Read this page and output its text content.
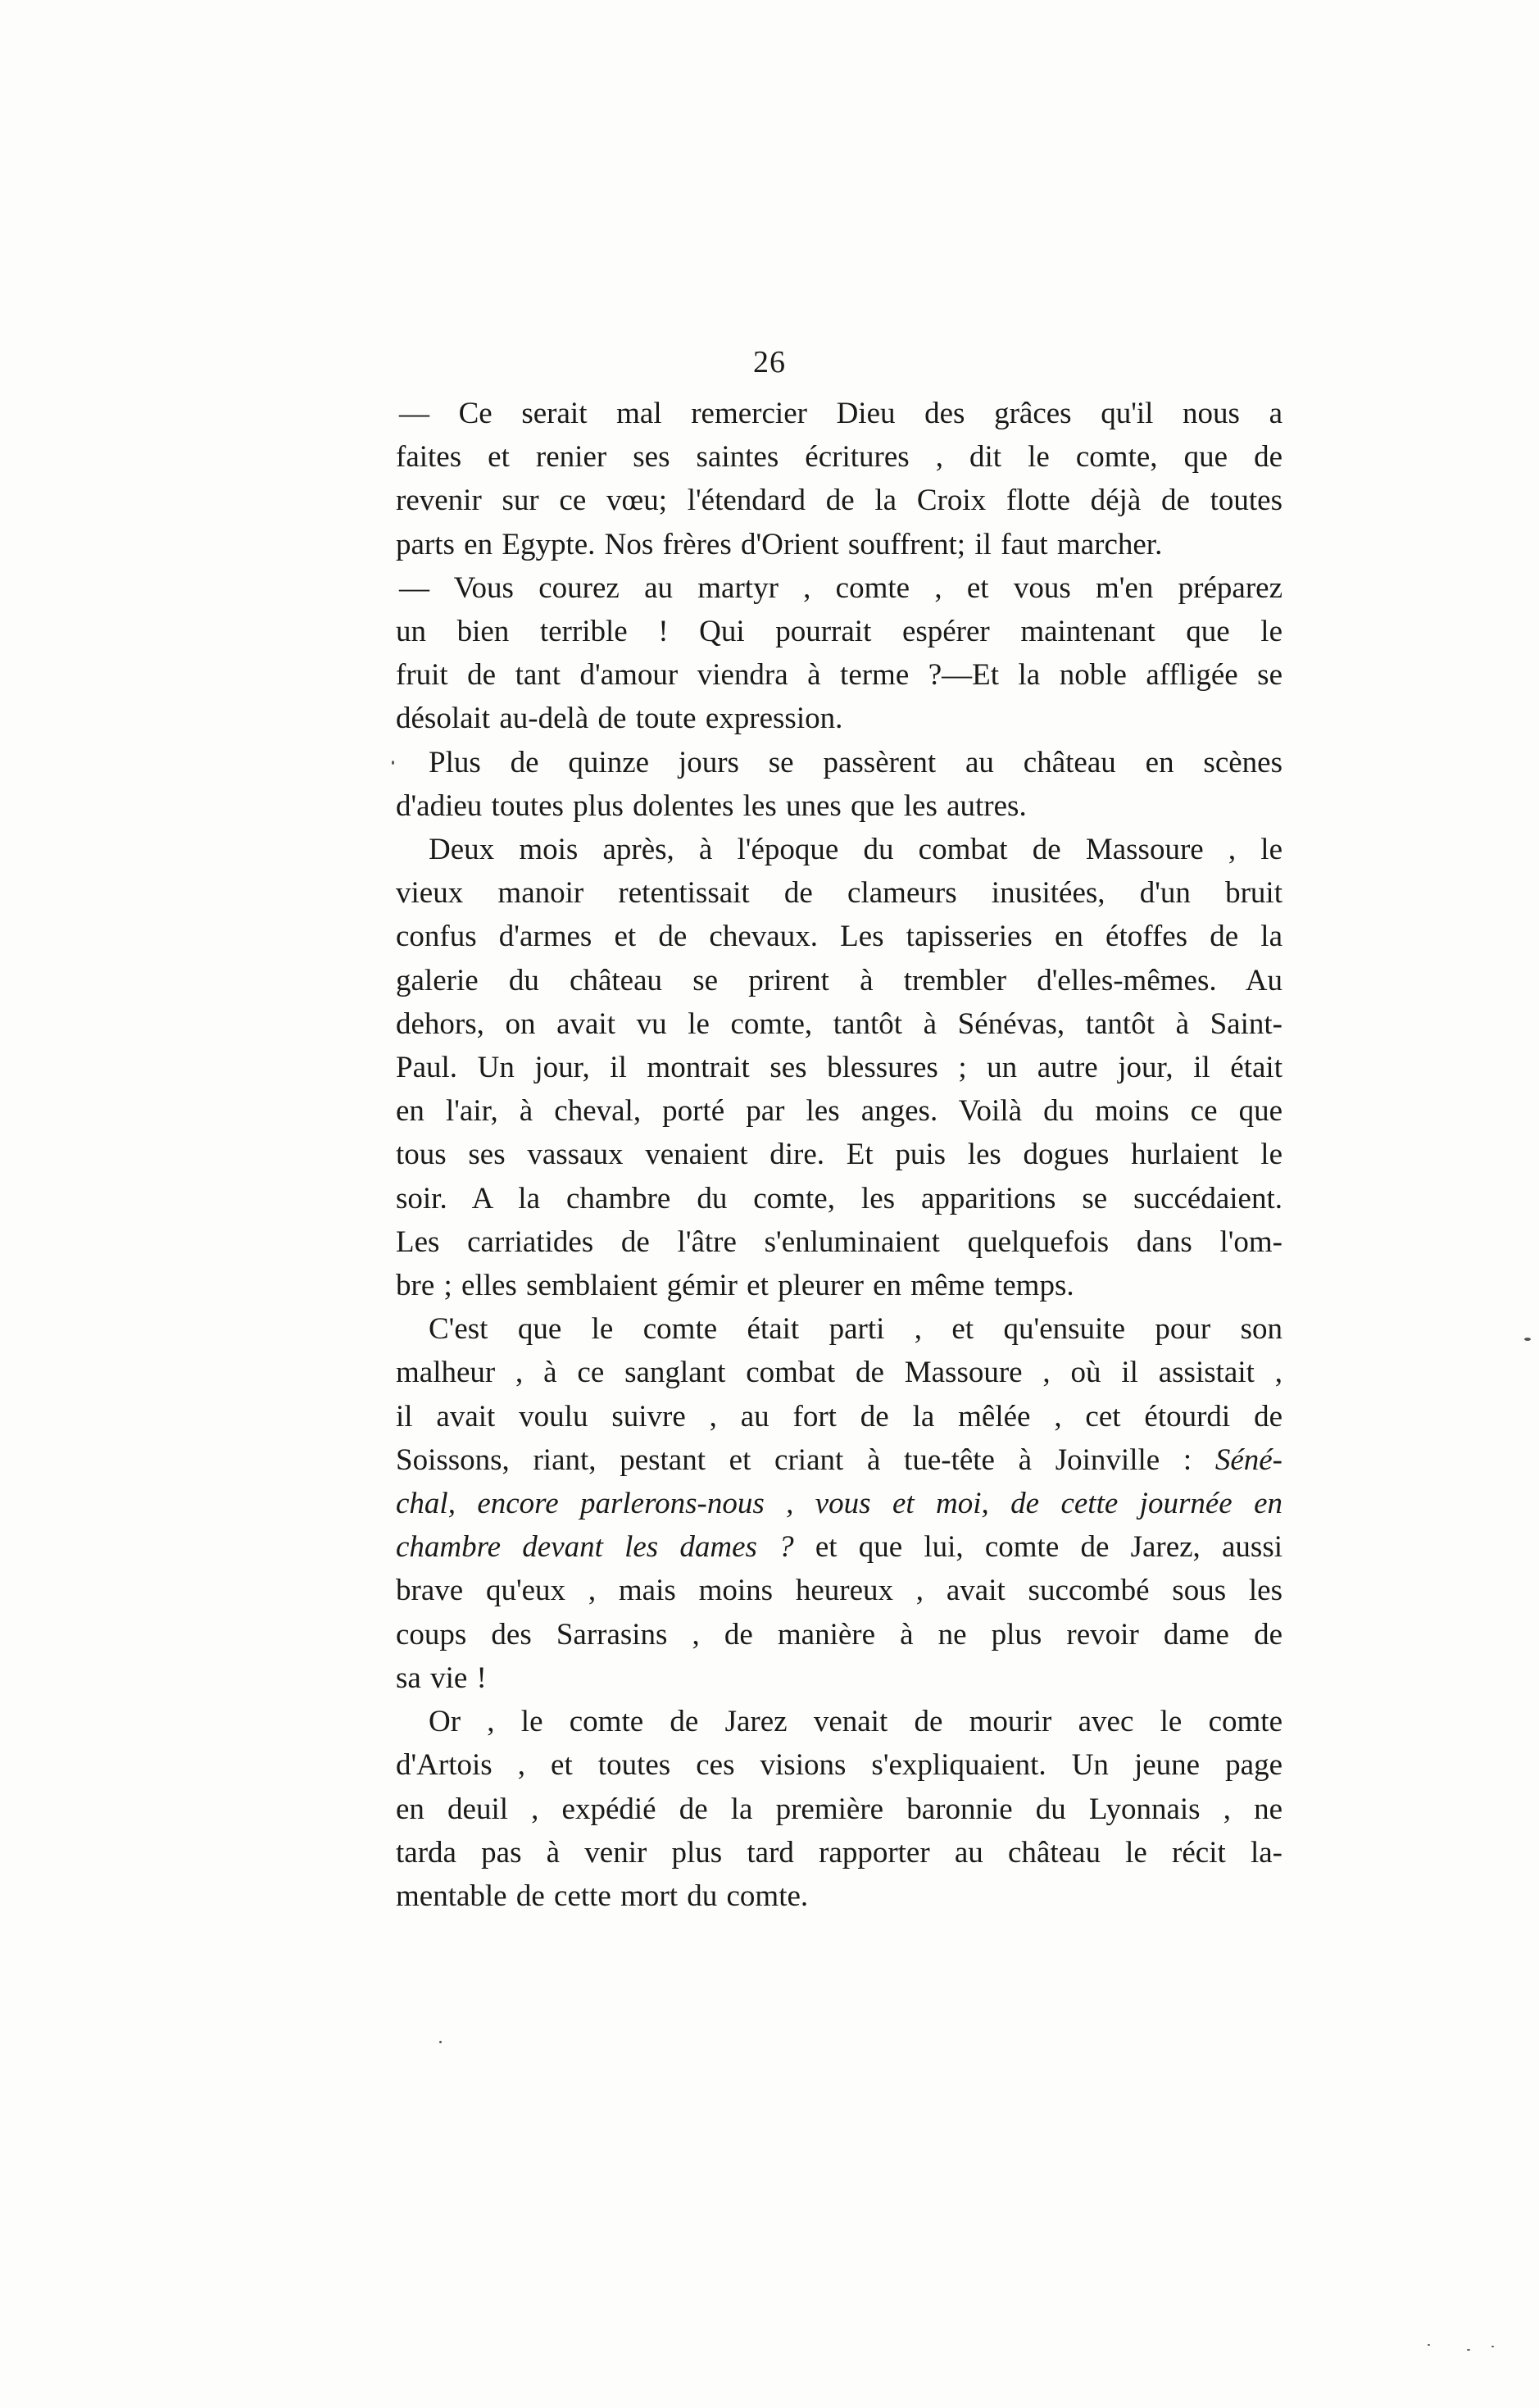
26
— Ce serait mal remercier Dieu des grâces qu'il nous a
faites et renier ses saintes écritures , dit le comte, que de
revenir sur ce vœu; l'étendard de la Croix flotte déjà de toutes
parts en Egypte. Nos frères d'Orient souffrent; il faut marcher.
— Vous courez au martyr , comte , et vous m'en préparez
un bien terrible ! Qui pourrait espérer maintenant que le
fruit de tant d'amour viendra à terme ?—Et la noble affligée se
désolait au-delà de toute expression.
Plus de quinze jours se passèrent au château en scènes
d'adieu toutes plus dolentes les unes que les autres.
Deux mois après, à l'époque du combat de Massoure , le
vieux manoir retentissait de clameurs inusitées, d'un bruit
confus d'armes et de chevaux. Les tapisseries en étoffes de la
galerie du château se prirent à trembler d'elles-mêmes. Au
dehors, on avait vu le comte, tantôt à Sénévas, tantôt à Saint-
Paul. Un jour, il montrait ses blessures ; un autre jour, il était
en l'air, à cheval, porté par les anges. Voilà du moins ce que
tous ses vassaux venaient dire. Et puis les dogues hurlaient le
soir. A la chambre du comte, les apparitions se succédaient.
Les carriatides de l'âtre s'enluminaient quelquefois dans l'om-
bre ; elles semblaient gémir et pleurer en même temps.
C'est que le comte était parti , et qu'ensuite pour son
malheur , à ce sanglant combat de Massoure , où il assistait ,
il avait voulu suivre , au fort de la mêlée , cet étourdi de
Soissons, riant, pestant et criant à tue-tête à Joinville : Séné-
chal, encore parlerons-nous , vous et moi, de cette journée en
chambre devant les dames ? et que lui, comte de Jarez, aussi
brave qu'eux , mais moins heureux , avait succombé sous les
coups des Sarrasins , de manière à ne plus revoir dame de
sa vie !
Or , le comte de Jarez venait de mourir avec le comte
d'Artois , et toutes ces visions s'expliquaient. Un jeune page
en deuil , expédié de la première baronnie du Lyonnais , ne
tarda pas à venir plus tard rapporter au château le récit la-
mentable de cette mort du comte.
